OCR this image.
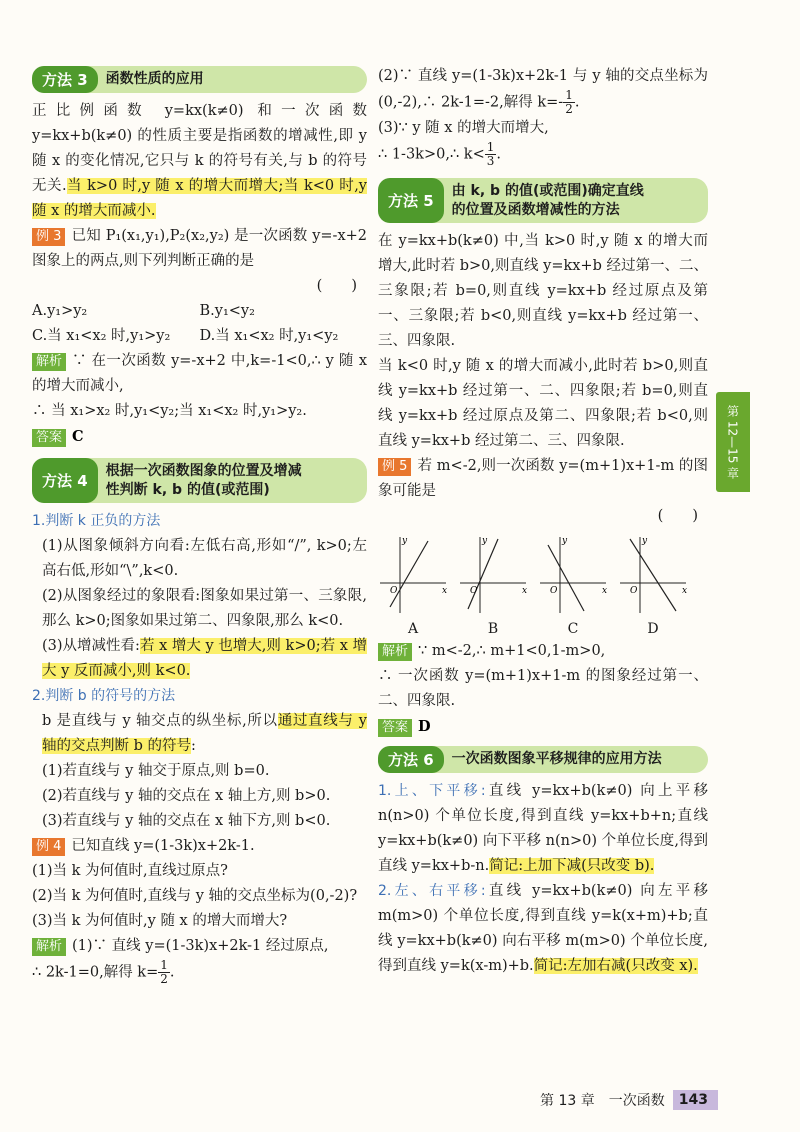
方法 3	函数性质的应用

正比例函数 y=kx(k≠0) 和一次函数 y=kx+b(k≠0) 的性质主要是指函数的增减性,即 y 随 x 的变化情况,它只与 k 的符号有关,与 b 的符号无关.当 k>0 时,y 随 x 的增大而增大;当 k<0 时,y 随 x 的增大而减小.

例 3 已知 P₁(x₁,y₁),P₂(x₂,y₂) 是一次函数 y=-x+2 图象上的两点,则下列判断正确的是

(　　)

A.y₁>y₂	B.y₁<y₂
C.当 x₁<x₂ 时,y₁>y₂	D.当 x₁<x₂ 时,y₁<y₂

解析 ∵ 在一次函数 y=-x+2 中,k=-1<0,∴ y 随 x 的增大而减小,

∴ 当 x₁>x₂ 时,y₁<y₂;当 x₁<x₂ 时,y₁>y₂.

答案 C

方法 4
根据一次函数图象的位置及增减
性判断 k, b 的值(或范围)
1.判断 k 正负的方法

(1)从图象倾斜方向看:左低右高,形如“/”, k>0;左高右低,形如“\”,k<0.

(2)从图象经过的象限看:图象如果过第一、三象限,那么 k>0;图象如果过第二、四象限,那么 k<0.

(3)从增减性看:若 x 增大 y 也增大,则 k>0;若 x 增大 y 反而减小,则 k<0.

2.判断 b 的符号的方法

b 是直线与 y 轴交点的纵坐标,所以通过直线与 y 轴的交点判断 b 的符号:

(1)若直线与 y 轴交于原点,则 b=0.

(2)若直线与 y 轴的交点在 x 轴上方,则 b>0.

(3)若直线与 y 轴的交点在 x 轴下方,则 b<0.

例 4 已知直线 y=(1-3k)x+2k-1.

(1)当 k 为何值时,直线过原点?

(2)当 k 为何值时,直线与 y 轴的交点坐标为(0,-2)?

(3)当 k 为何值时,y 随 x 的增大而增大?

解析 (1)∵ 直线 y=(1-3k)x+2k-1 经过原点,

∴ 2k-1=0,解得 $k= \frac{1}{2}$ .

(2)∵ 直线 y=(1-3k)x+2k-1 与 y 轴的交点坐标为(0,-2),∴ 2k-1=-2,解得 $k=- \frac{1}{2}$ .

(3)∵ y 随 x 的增大而增大,

∴ 1-3k>0,∴ $k< \frac{1}{3}$ .

方法 5
由 k, b 的值(或范围)确定直线
的位置及函数增减性的方法

在 y=kx+b(k≠0) 中,当 k>0 时,y 随 x 的增大而增大,此时若 b>0,则直线 y=kx+b 经过第一、二、三象限;若 b=0,则直线 y=kx+b 经过原点及第一、三象限;若 b<0,则直线 y=kx+b 经过第一、三、四象限.

当 k<0 时,y 随 x 的增大而减小,此时若 b>0,则直线 y=kx+b 经过第一、二、四象限;若 b=0,则直线 y=kx+b 经过原点及第二、四象限;若 b<0,则直线 y=kx+b 经过第二、三、四象限.

例 5 若 m<-2,则一次函数 y=(m+1)x+1-m 的图象可能是

(　　)

y
x
O
A
y
x
O
B
y
x
O
C
y
x
O
D

解析 ∵ m<-2,∴ m+1<0,1-m>0,

∴ 一次函数 y=(m+1)x+1-m 的图象经过第一、二、四象限.

答案 D

方法 6	一次函数图象平移规律的应用方法

1.上、下平移:直线 y=kx+b(k≠0) 向上平移 n(n>0) 个单位长度,得到直线 y=kx+b+n;直线 y=kx+b(k≠0) 向下平移 n(n>0) 个单位长度,得到直线 y=kx+b-n.简记:上加下减(只改变 b).

2.左、右平移:直线 y=kx+b(k≠0) 向左平移 m(m>0) 个单位长度,得到直线 y=k(x+m)+b;直线 y=kx+b(k≠0) 向右平移 m(m>0) 个单位长度,得到直线 y=k(x-m)+b.简记:左加右减(只改变 x).

第 12—15 章
第 13 章　一次函数	143
